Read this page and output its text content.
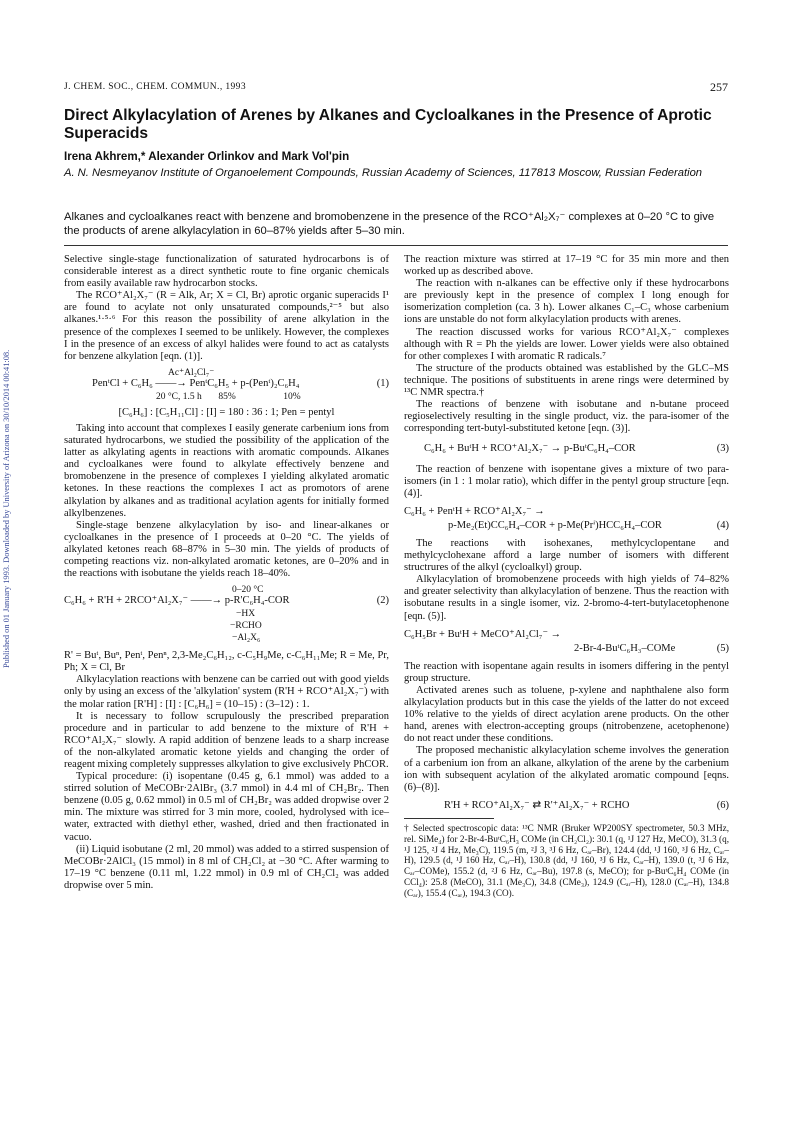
Published on 01 January 1993. Downloaded by University of Arizona on 30/10/2014 00:41:08.
J. CHEM. SOC., CHEM. COMMUN., 1993	257
Direct Alkylacylation of Arenes by Alkanes and Cycloalkanes in the Presence of Aprotic Superacids
Irena Akhrem,* Alexander Orlinkov and Mark Vol'pin
A. N. Nesmeyanov Institute of Organoelement Compounds, Russian Academy of Sciences, 117813 Moscow, Russian Federation
Alkanes and cycloalkanes react with benzene and bromobenzene in the presence of the RCO⁺Al₂X₇⁻ complexes at 0–20 °C to give the products of arene alkylacylation in 60–87% yields after 5–30 min.

Selective single-stage functionalization of saturated hydrocarbons is of considerable interest as a direct synthetic route to fine organic chemicals from easily available raw hydrocarbon stocks.

The RCO⁺Al₂X₇⁻ (R = Alk, Ar; X = Cl, Br) aprotic organic superacids I¹ are found to acylate not only unsaturated compounds,²⁻⁵ but also alkanes.¹·⁵·⁶ For this reason the possibility of arene alkylation in the presence of the complexes I seemed to be unlikely. However, the complexes I in the presence of an excess of alkyl halides were found to act as catalysts for benzene alkylation [eqn. (1)].

Ac⁺Al₂Cl₇⁻
PenᵗCl + C₆H₆ ——→ PenᵗC₆H₅ + p-(Penᵗ)₂C₆H₄	(1)
20 °C, 1.5 h       85%                    10%
[C₆H₆] : [C₅H₁₁Cl] : [I] = 180 : 36 : 1; Pen = pentyl

Taking into account that complexes I easily generate carbenium ions from saturated hydrocarbons, we studied the possibility of the application of the latter as alkylating agents in reactions with aromatic compounds. Alkanes and cycloalkanes were found to alkylate effectively benzene and bromobenzene in the presence of complexes I yielding alkylated aromatic ketones. In these reactions the complexes I act as promotors of arene alkylation by alkanes and as traditional acylation agents for initially formed alkylbenzenes.

Single-stage benzene alkylacylation by iso- and linear-alkanes or cycloalkanes in the presence of I proceeds at 0–20 °C. The yields of alkylated ketones reach 68–87% in 5–30 min. The yields of products of competing reactions viz. non-alkylated aromatic ketones, are 0–20% and in the reactions with isobutane the yields reach 18–40%.

0–20 °C
C₆H₆ + R'H + 2RCO⁺Al₂X₇⁻ ——→ p-R'C₆H₄-COR	(2)
−HX
−RCHO
−Al₂X₆

R' = Buᵗ, Buⁿ, Penᵗ, Penⁿ, 2,3-Me₂C₆H₁₂, c-C₅H₉Me, c-C₆H₁₁Me; R = Me, Pr, Ph; X = Cl, Br

Alkylacylation reactions with benzene can be carried out with good yields only by using an excess of the 'alkylation' system (R'H + RCO⁺Al₂X₇⁻) with the molar ration [R'H] : [I] : [C₆H₆] = (10–15) : (3–12) : 1.

It is necessary to follow scrupulously the prescribed preparation procedure and in particular to add benzene to the mixture of R'H + RCO⁺Al₂X₇⁻ slowly. A rapid addition of benzene leads to a sharp increase of the non-alkylated aromatic ketone yields and changing the order of reagent mixing completely suppresses alkylation to give exclusively PhCOR.

Typical procedure: (i) isopentane (0.45 g, 6.1 mmol) was added to a stirred solution of MeCOBr·2AlBr₃ (3.7 mmol) in 4.4 ml of CH₂Br₂. Then benzene (0.05 g, 0.62 mmol) in 0.5 ml of CH₂Br₂ was added dropwise over 2 min. The mixture was stirred for 3 min more, cooled, hydrolysed with ice–water, extracted with diethyl ether, washed, dried and then fractionated in vacuo.

(ii) Liquid isobutane (2 ml, 20 mmol) was added to a stirred suspension of MeCOBr·2AlCl₃ (15 mmol) in 8 ml of CH₂Cl₂ at −30 °C. After warming to 17–19 °C benzene (0.11 ml, 1.22 mmol) in 0.9 ml of CH₂Cl₂ was added dropwise over 5 min.

The reaction mixture was stirred at 17–19 °C for 35 min more and then worked up as described above.

The reaction with n-alkanes can be effective only if these hydrocarbons are previously kept in the presence of complex I long enough for isomerization completion (ca. 3 h). Lower alkanes C₁–C₃ whose carbenium ions are unstable do not form alkylacylation products with arenes.

The reaction discussed works for various RCO⁺Al₂X₇⁻ complexes although with R = Ph the yields are lower. Lower yields were also obtained for other complexes I with aromatic R radicals.⁷

The structure of the products obtained was established by the GLC–MS technique. The positions of substituents in arene rings were determined by ¹³C NMR spectra.†

The reactions of benzene with isobutane and n-butane proceed regioselectively resulting in the single product, viz. the para-isomer of the corresponding tert-butyl-substituted ketone [eqn. (3)].

C₆H₆ + BuᵗH + RCO⁺Al₂X₇⁻ → p-BuᵗC₆H₄–COR	(3)

The reaction of benzene with isopentane gives a mixture of two para-isomers (in 1 : 1 molar ratio), which differ in the pentyl group structure [eqn. (4)].

C₆H₆ + PenᵗH + RCO⁺Al₂X₇⁻ →
p-Me₂(Et)CC₆H₄–COR + p-Me(Prⁱ)HCC₆H₄–COR	(4)

The reactions with isohexanes, methylcyclopentane and methylcyclohexane afford a large number of isomers with different structrures of the alkyl (cycloalkyl) group.

Alkylacylation of bromobenzene proceeds with high yields of 74–82% and greater selectivity than alkylacylation of benzene. Thus the reaction with isobutane results in a single isomer, viz. 2-bromo-4-tert-butylacetophenone [eqn. (5)].

C₆H₅Br + BuᵗH + MeCO⁺Al₂Cl₇⁻ →
2-Br-4-BuᵗC₆H₃–COMe	(5)

The reaction with isopentane again results in isomers differing in the pentyl group structure.

Activated arenes such as toluene, p-xylene and naphthalene also form alkylacylation products but in this case the yields of the latter do not exceed 10% relative to the yields of direct acylation arene products. On the other hand, arenes with electron-accepting groups (nitrobenzene, acetophenone) do not react under these conditions.

The proposed mechanistic alkylacylation scheme involves the generation of a carbenium ion from an alkane, alkylation of the arene by the carbenium ion with subsequent acylation of the alkylated aromatic compound [eqns. (6)–(8)].

R'H + RCO⁺Al₂X₇⁻ ⇄ R'⁺Al₂X₇⁻ + RCHO	(6)
† Selected spectroscopic data: ¹³C NMR (Bruker WP200SY spectrometer, 50.3 MHz, rel. SiMe₄) for 2-Br-4-BuᵗC₆H₃ COMe (in CH₂Cl₂): 30.1 (q, ¹J 127 Hz, MeCO), 31.3 (q, ¹J 125, ²J 4 Hz, Me₃C), 119.5 (m, ²J 3, ³J 6 Hz, Cₐᵣ–Br), 124.4 (dd, ¹J 160, ³J 6 Hz, Cₐᵣ–H), 129.5 (d, ¹J 160 Hz, Cₐᵣ–H), 130.8 (dd, ¹J 160, ³J 6 Hz, Cₐᵣ–H), 139.0 (t, ³J 6 Hz, Cₐᵣ–COMe), 155.2 (d, ²J 6 Hz, Cₐᵣ–Bu), 197.8 (s, MeCO); for p-BuᵗC₆H₄ COMe (in CCl₄): 25.8 (MeCO), 31.1 (Me₃C), 34.8 (CMe₃), 124.9 (Cₐᵣ–H), 128.0 (Cₐᵣ–H), 134.8 (Cₐᵣ), 155.4 (Cₐᵣ), 194.3 (CO).
